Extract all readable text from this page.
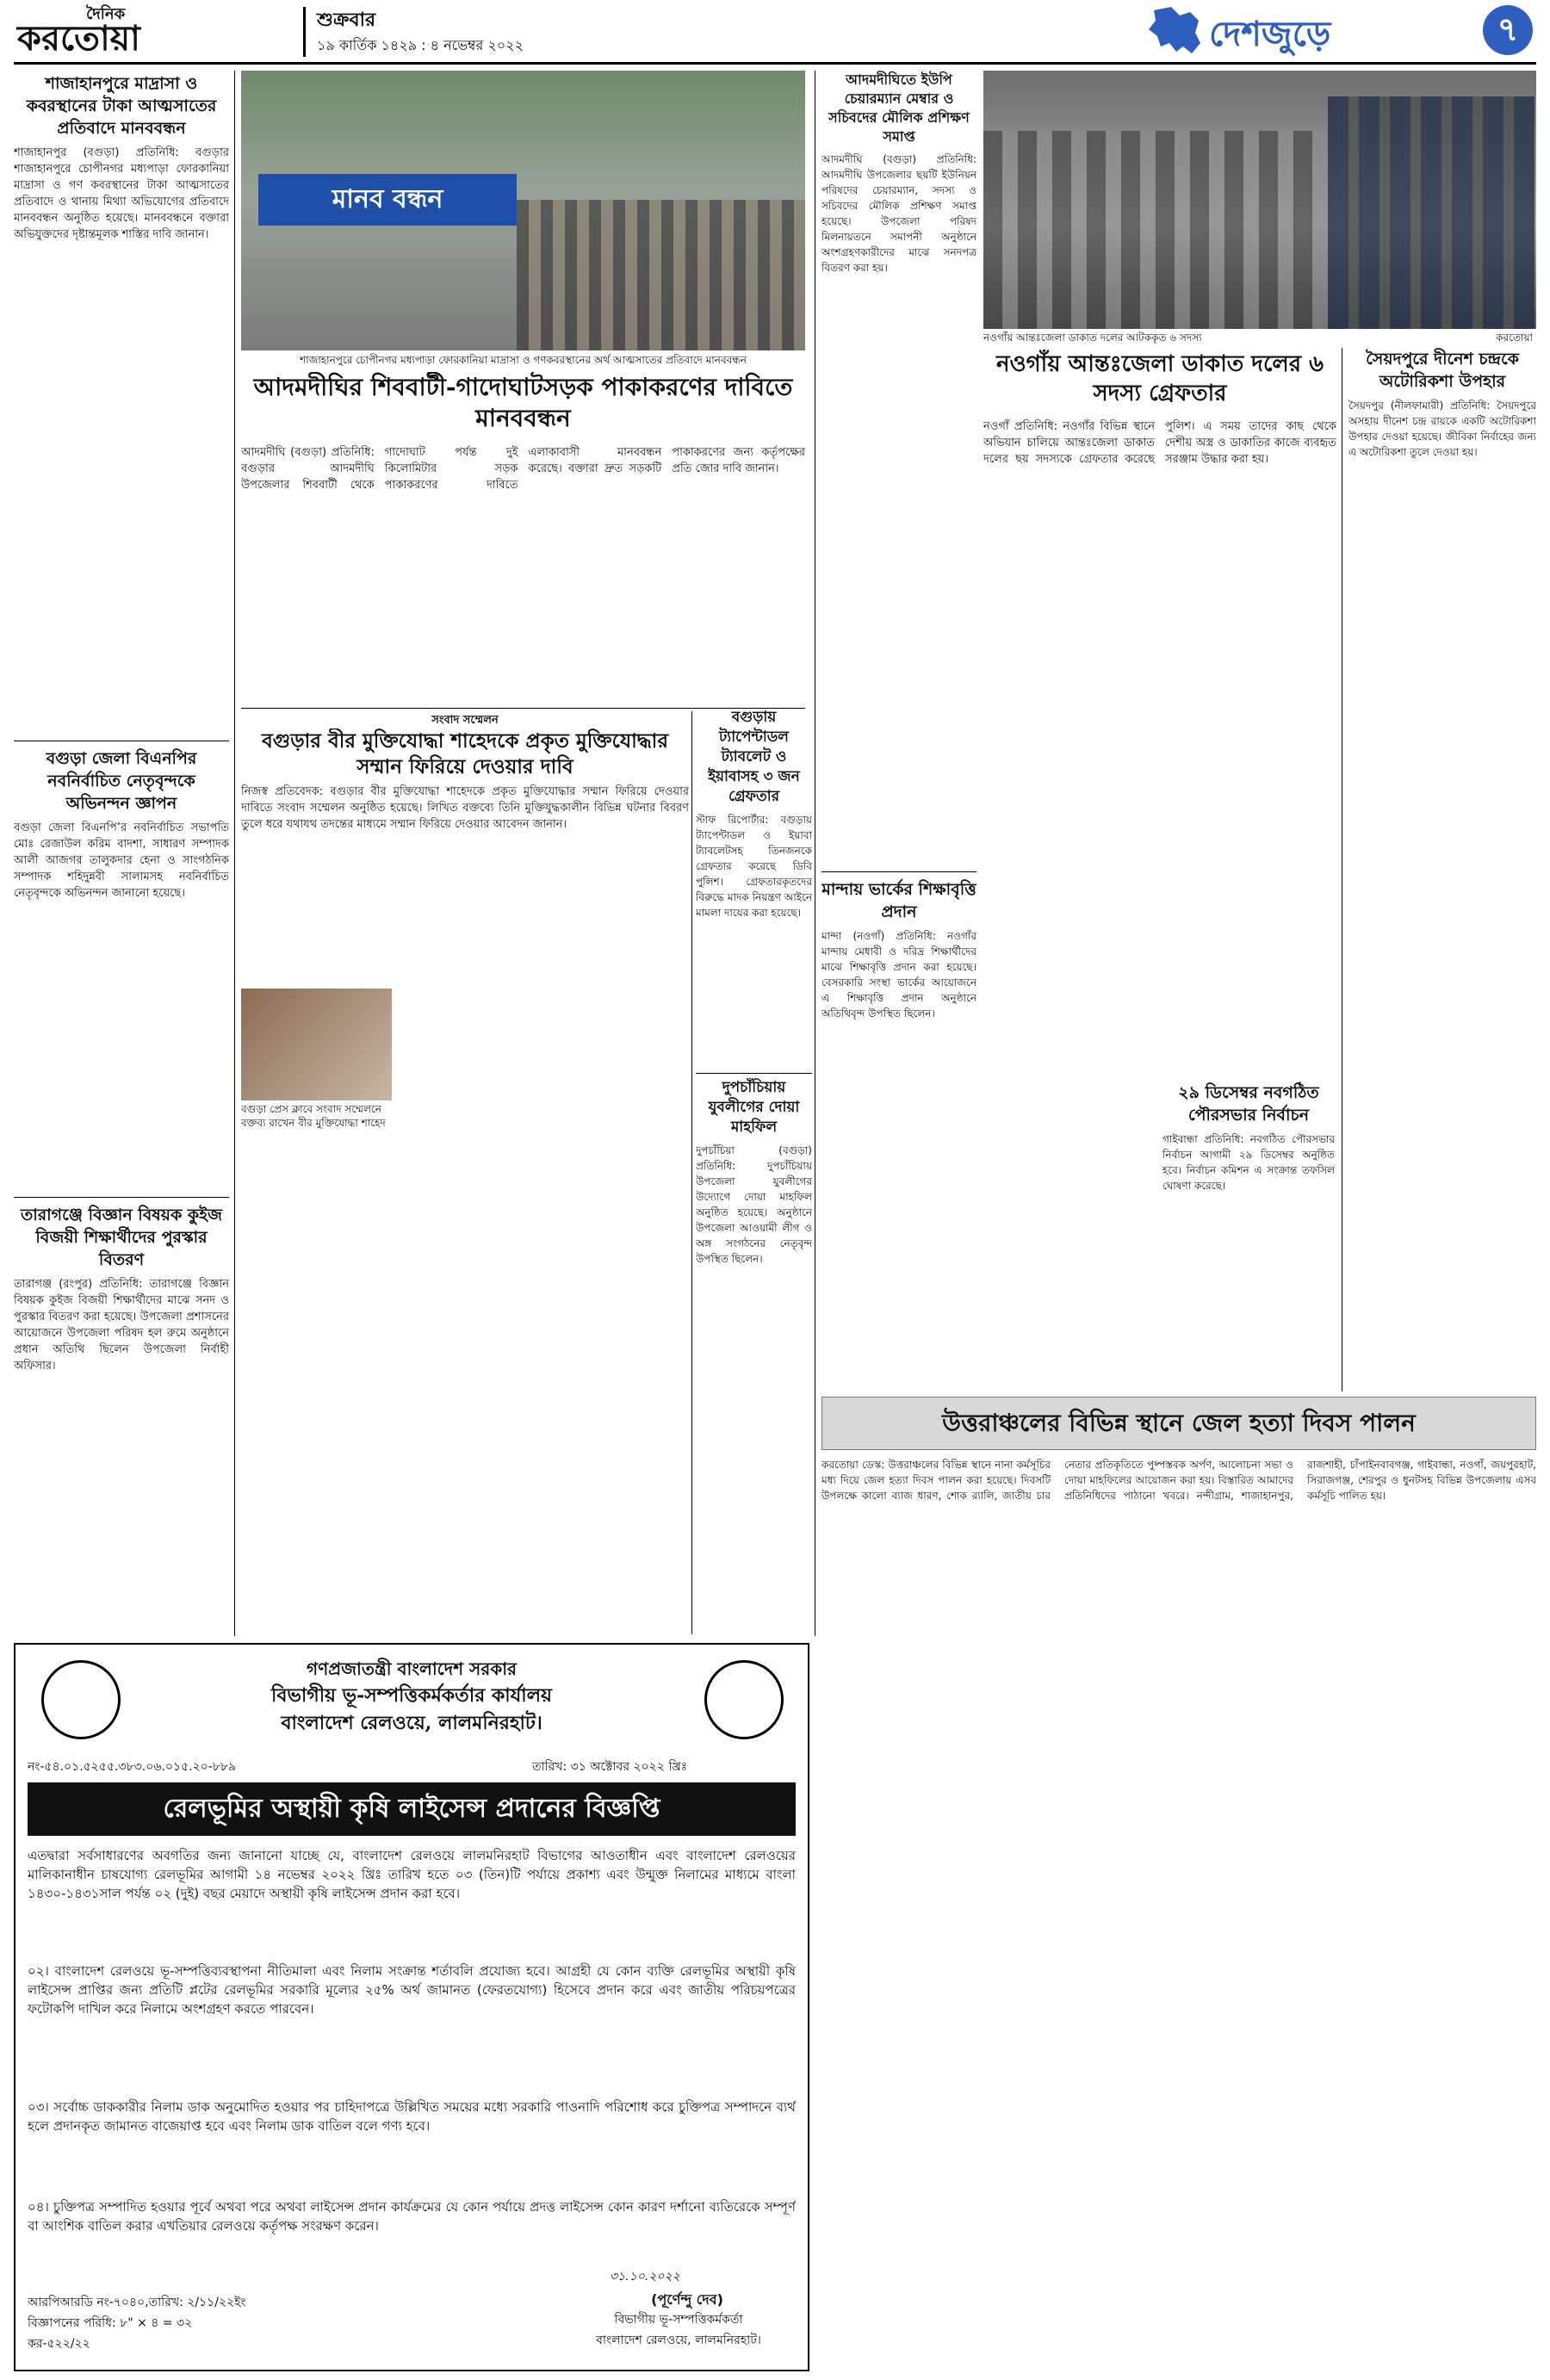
দৈনিক
করতোয়া	শুক্রবার
১৯ কার্তিক ১৪২৯ : ৪ নভেম্বর ২০২২	দেশজুড়ে	৭
শাজাহানপুরে মাদ্রাসা ও কবরস্থানের টাকা আত্মসাতের প্রতিবাদে মানববন্ধন
শাজাহানপুর (বগুড়া) প্রতিনিধি: বগুড়ার শাজাহানপুরে চোপীনগর মধ্যপাড়া ফোরকানিয়া মাদ্রাসা ও গণ কবরস্থানের টাকা আত্মসাতের প্রতিবাদে ও থানায় মিথ্যা অভিযোগের প্রতিবাদে মানববন্ধন অনুষ্ঠিত হয়েছে। মানববন্ধনে বক্তারা অভিযুক্তদের দৃষ্টান্তমূলক শাস্তির দাবি জানান।
বগুড়া জেলা বিএনপির নবনির্বাচিত নেতৃবৃন্দকে অভিনন্দন জ্ঞাপন
বগুড়া জেলা বিএনপি’র নবনির্বাচিত সভাপতি মোঃ রেজাউল করিম বাদশা, সাধারণ সম্পাদক আলী আজগর তালুকদার হেনা ও সাংগঠনিক সম্পাদক শহিদুন্নবী সালামসহ নবনির্বাচিত নেতৃবৃন্দকে অভিনন্দন জানানো হয়েছে।
তারাগঞ্জে বিজ্ঞান বিষয়ক কুইজ বিজয়ী শিক্ষার্থীদের পুরস্কার বিতরণ
তারাগঞ্জ (রংপুর) প্রতিনিধি: তারাগঞ্জে বিজ্ঞান বিষয়ক কুইজ বিজয়ী শিক্ষার্থীদের মাঝে সনদ ও পুরস্কার বিতরণ করা হয়েছে। উপজেলা প্রশাসনের আয়োজনে উপজেলা পরিষদ হল রুমে অনুষ্ঠানে প্রধান অতিথি ছিলেন উপজেলা নির্বাহী অফিসার।
মানব বন্ধন
শাজাহানপুরে চোপীনগর মধ্যপাড়া ফোরকানিয়া মাদ্রাসা ও গণকবরস্থানের অর্থ আত্মসাতের প্রতিবাদে মানববন্ধন
আদমদীঘির শিববাটী-গাদোঘাটসড়ক পাকাকরণের দাবিতে মানববন্ধন
আদমদীঘি (বগুড়া) প্রতিনিধি: বগুড়ার আদমদীঘি উপজেলার শিববাটী থেকে গাদোঘাট পর্যন্ত দুই কিলোমিটার সড়ক পাকাকরণের দাবিতে এলাকাবাসী মানববন্ধন করেছে। বক্তারা দ্রুত সড়কটি পাকাকরণের জন্য কর্তৃপক্ষের প্রতি জোর দাবি জানান।
সংবাদ সম্মেলন
বগুড়ার বীর মুক্তিযোদ্ধা শাহেদকে প্রকৃত মুক্তিযোদ্ধার সম্মান ফিরিয়ে দেওয়ার দাবি
নিজস্ব প্রতিবেদক: বগুড়ার বীর মুক্তিযোদ্ধা শাহেদকে প্রকৃত মুক্তিযোদ্ধার সম্মান ফিরিয়ে দেওয়ার দাবিতে সংবাদ সম্মেলন অনুষ্ঠিত হয়েছে। লিখিত বক্তব্যে তিনি মুক্তিযুদ্ধকালীন বিভিন্ন ঘটনার বিবরণ তুলে ধরে যথাযথ তদন্তের মাধ্যমে সম্মান ফিরিয়ে দেওয়ার আবেদন জানান।
বগুড়া প্রেস ক্লাবে সংবাদ সম্মেলনে বক্তব্য রাখেন বীর মুক্তিযোদ্ধা শাহেদ
বগুড়ায় ট্যাপেন্টাডল ট্যাবলেট ও ইয়াবাসহ ৩ জন গ্রেফতার
স্টাফ রিপোর্টার: বগুড়ায় ট্যাপেন্টাডল ও ইয়াবা ট্যাবলেটসহ তিনজনকে গ্রেফতার করেছে ডিবি পুলিশ। গ্রেফতারকৃতদের বিরুদ্ধে মাদক নিয়ন্ত্রণ আইনে মামলা দায়ের করা হয়েছে।
দুপচাঁচিয়ায় যুবলীগের দোয়া মাহফিল
দুপচাঁচিয়া (বগুড়া) প্রতিনিধি: দুপচাঁচিয়ায় উপজেলা যুবলীগের উদ্যোগে দোয়া মাহফিল অনুষ্ঠিত হয়েছে। অনুষ্ঠানে উপজেলা আওয়ামী লীগ ও অঙ্গ সংগঠনের নেতৃবৃন্দ উপস্থিত ছিলেন।
আদমদীঘিতে ইউপি চেয়ারম্যান মেম্বার ও সচিবদের মৌলিক প্রশিক্ষণ সমাপ্ত
আদমদীঘি (বগুড়া) প্রতিনিধি: আদমদীঘি উপজেলার ছয়টি ইউনিয়ন পরিষদের চেয়ারম্যান, সদস্য ও সচিবদের মৌলিক প্রশিক্ষণ সমাপ্ত হয়েছে। উপজেলা পরিষদ মিলনায়তনে সমাপনী অনুষ্ঠানে অংশগ্রহণকারীদের মাঝে সনদপত্র বিতরণ করা হয়।
মান্দায় ভার্কের শিক্ষাবৃত্তি প্রদান
মান্দা (নওগাঁ) প্রতিনিধি: নওগাঁর মান্দায় মেধাবী ও দরিদ্র শিক্ষার্থীদের মাঝে শিক্ষাবৃত্তি প্রদান করা হয়েছে। বেসরকারি সংস্থা ভার্কের আয়োজনে এ শিক্ষাবৃত্তি প্রদান অনুষ্ঠানে অতিথিবৃন্দ উপস্থিত ছিলেন।
নওগাঁয় আন্তঃজেলা ডাকাত দলের আটককৃত ৬ সদস্য	করতোয়া
নওগাঁয় আন্তঃজেলা ডাকাত দলের ৬ সদস্য গ্রেফতার
নওগাঁ প্রতিনিধি: নওগাঁর বিভিন্ন স্থানে অভিযান চালিয়ে আন্তঃজেলা ডাকাত দলের ছয় সদস্যকে গ্রেফতার করেছে পুলিশ। এ সময় তাদের কাছ থেকে দেশীয় অস্ত্র ও ডাকাতির কাজে ব্যবহৃত সরঞ্জাম উদ্ধার করা হয়।
সৈয়দপুরে দীনেশ চন্দ্রকে অটোরিকশা উপহার
সৈয়দপুর (নীলফামারী) প্রতিনিধি: সৈয়দপুরে অসহায় দীনেশ চন্দ্র রায়কে একটি অটোরিকশা উপহার দেওয়া হয়েছে। জীবিকা নির্বাহের জন্য এ অটোরিকশা তুলে দেওয়া হয়।
২৯ ডিসেম্বর নবগঠিত পৌরসভার নির্বাচন
গাইবান্ধা প্রতিনিধি: নবগঠিত পৌরসভার নির্বাচন আগামী ২৯ ডিসেম্বর অনুষ্ঠিত হবে। নির্বাচন কমিশন এ সংক্রান্ত তফসিল ঘোষণা করেছে।
উত্তরাঞ্চলের বিভিন্ন স্থানে জেল হত্যা দিবস পালন
করতোয়া ডেস্ক: উত্তরাঞ্চলের বিভিন্ন স্থানে নানা কর্মসূচির মধ্য দিয়ে জেল হত্যা দিবস পালন করা হয়েছে। দিবসটি উপলক্ষে কালো ব্যাজ ধারণ, শোক র‍্যালি, জাতীয় চার নেতার প্রতিকৃতিতে পুষ্পস্তবক অর্পণ, আলোচনা সভা ও দোয়া মাহফিলের আয়োজন করা হয়। বিস্তারিত আমাদের প্রতিনিধিদের পাঠানো খবরে। নন্দীগ্রাম, শাজাহানপুর, রাজশাহী, চাঁপাইনবাবগঞ্জ, গাইবান্ধা, নওগাঁ, জয়পুরহাট, সিরাজগঞ্জ, শেরপুর ও ধুনটসহ বিভিন্ন উপজেলায় এসব কর্মসূচি পালিত হয়।
গণপ্রজাতন্ত্রী বাংলাদেশ সরকার
বিভাগীয় ভূ-সম্পত্তিকর্মকর্তার কার্যালয়
বাংলাদেশ রেলওয়ে, লালমনিরহাট।
নং-৫৪.০১.৫২৫৫.৩৮৩.০৬.০১৫.২০-৮৮৯	তারিখ: ৩১ অক্টোবর ২০২২ খ্রিঃ
রেলভূমির অস্থায়ী কৃষি লাইসেন্স প্রদানের বিজ্ঞপ্তি
এতদ্বারা সর্বসাধারণের অবগতির জন্য জানানো যাচ্ছে যে, বাংলাদেশ রেলওয়ে লালমনিরহাট বিভাগের আওতাধীন এবং বাংলাদেশ রেলওয়ের মালিকানাধীন চাষযোগ্য রেলভূমির আগামী ১৪ নভেম্বর ২০২২ খ্রিঃ তারিখ হতে ০৩ (তিন)টি পর্যায়ে প্রকাশ্য এবং উন্মুক্ত নিলামের মাধ্যমে বাংলা ১৪৩০-১৪৩১সাল পর্যন্ত ০২ (দুই) বছর মেয়াদে অস্থায়ী কৃষি লাইসেন্স প্রদান করা হবে।
০২। বাংলাদেশ রেলওয়ে ভূ-সম্পত্তিব্যবস্থাপনা নীতিমালা এবং নিলাম সংক্রান্ত শর্তাবলি প্রযোজ্য হবে। আগ্রহী যে কোন ব্যক্তি রেলভূমির অস্থায়ী কৃষি লাইসেন্স প্রাপ্তির জন্য প্রতিটি প্লটের রেলভূমির সরকারি মূল্যের ২৫% অর্থ জামানত (ফেরতযোগ্য) হিসেবে প্রদান করে এবং জাতীয় পরিচয়পত্রের ফটোকপি দাখিল করে নিলামে অংশগ্রহণ করতে পারবেন।
০৩। সর্বোচ্চ ডাককারীর নিলাম ডাক অনুমোদিত হওয়ার পর চাহিদাপত্রে উল্লিখিত সময়ের মধ্যে সরকারি পাওনাদি পরিশোধ করে চুক্তিপত্র সম্পাদনে ব্যর্থ হলে প্রদানকৃত জামানত বাজেয়াপ্ত হবে এবং নিলাম ডাক বাতিল বলে গণ্য হবে।
০৪। চুক্তিপত্র সম্পাদিত হওয়ার পূর্বে অথবা পরে অথবা লাইসেন্স প্রদান কার্যক্রমের যে কোন পর্যায়ে প্রদত্ত লাইসেন্স কোন কারণ দর্শানো ব্যতিরেকে সম্পূর্ণ বা আংশিক বাতিল করার এখতিয়ার রেলওয়ে কর্তৃপক্ষ সংরক্ষণ করেন।
৩১.১০.২০২২
(পূর্ণেন্দু দেব)
বিভাগীয় ভূ-সম্পত্তিকর্মকর্তা
বাংলাদেশ রেলওয়ে, লালমনিরহাট।
আরপিআরডি নং-৭০৪০,তারিখ: ২/১১/২২ইং
বিজ্ঞাপনের পরিধি: ৮" × ৪ = ৩২
কর-৫২২/২২
